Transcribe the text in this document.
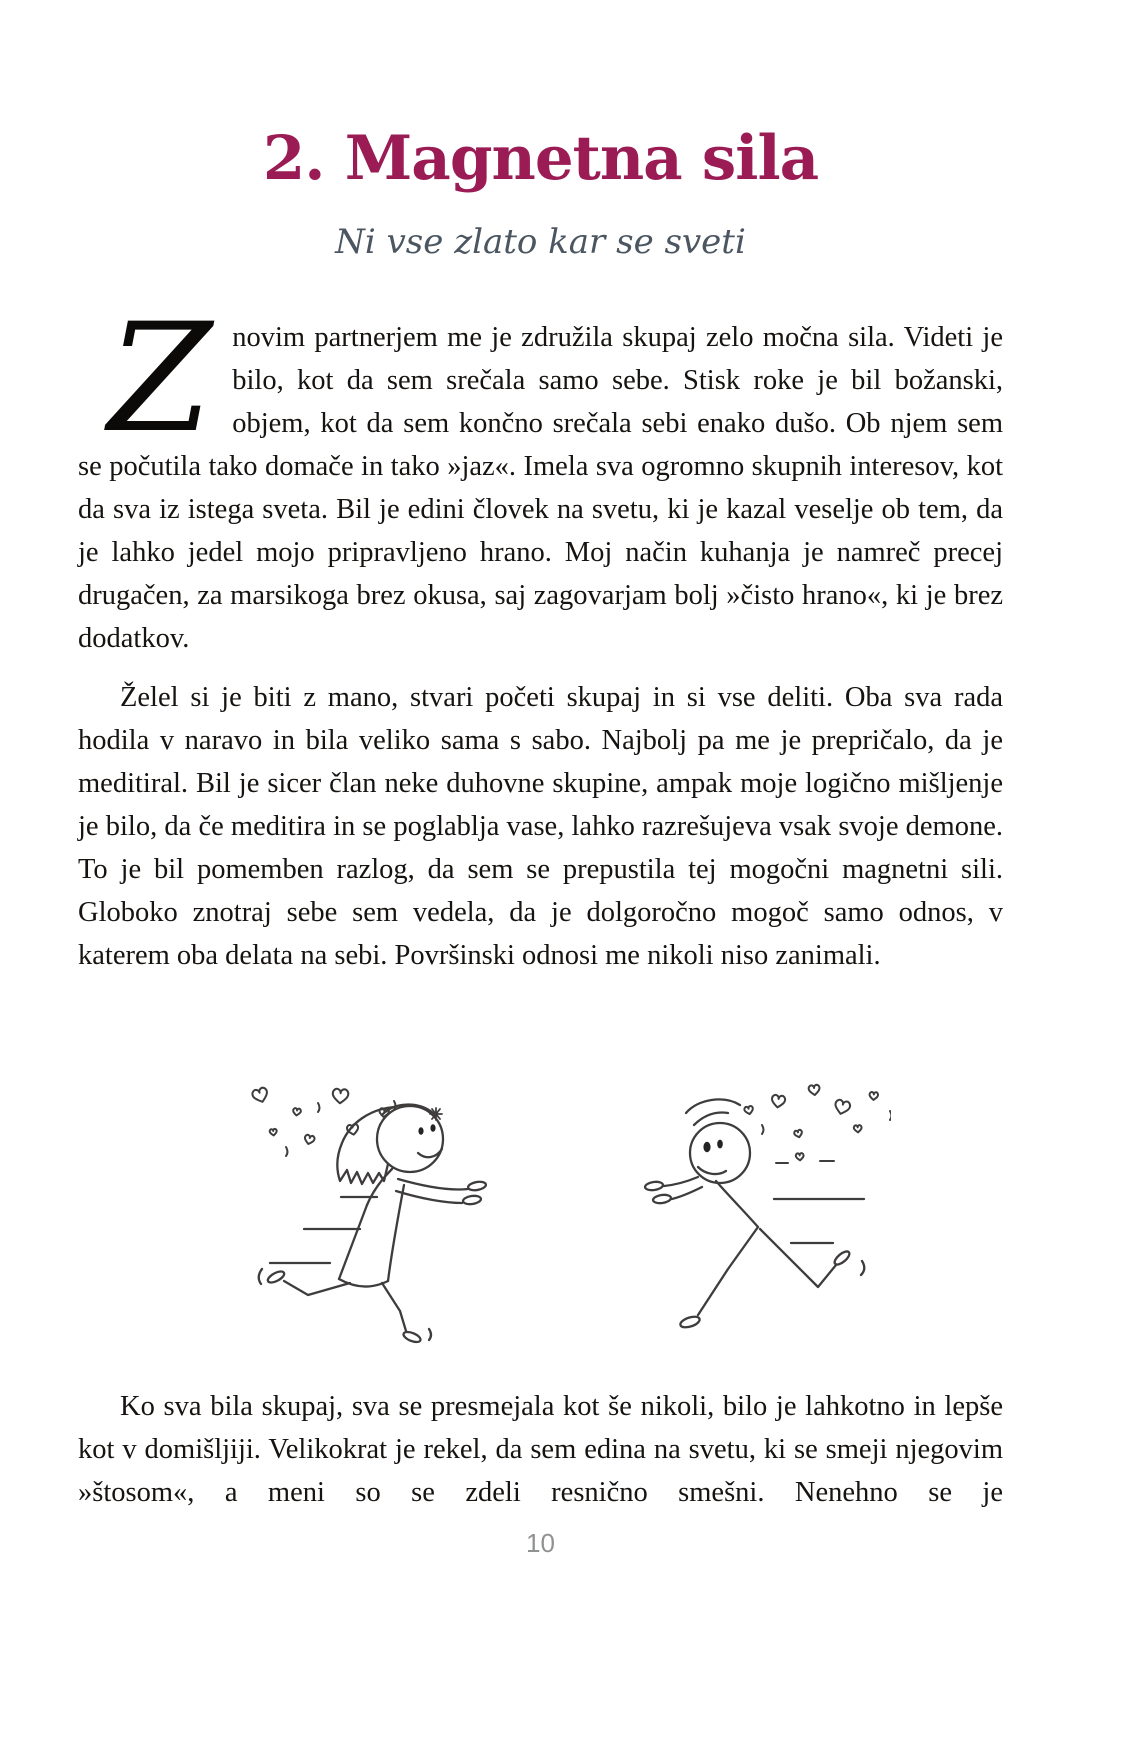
2. Magnetna sila
Ni vse zlato kar se sveti

Znovim partnerjem me je združila skupaj zelo močna sila. Videti je bilo, kot da sem srečala samo sebe. Stisk roke je bil božanski, objem, kot da sem končno srečala sebi enako dušo. Ob njem sem se počutila tako domače in tako »jaz«. Imela sva ogromno skupnih interesov, kot da sva iz istega sveta. Bil je edini človek na svetu, ki je kazal veselje ob tem, da je lahko jedel mojo pripravljeno hrano. Moj način kuhanja je namreč precej drugačen, za marsikoga brez okusa, saj zagovarjam bolj »čisto hrano«, ki je brez dodatkov.

Želel si je biti z mano, stvari početi skupaj in si vse deliti. Oba sva rada hodila v naravo in bila veliko sama s sabo. Najbolj pa me je prepričalo, da je meditiral. Bil je sicer član neke duhovne skupine, ampak moje logično mišljenje je bilo, da če meditira in se poglablja vase, lahko razrešujeva vsak svoje demone. To je bil pomemben razlog, da sem se prepustila tej mogočni magnetni sili. Globoko znotraj sebe sem vedela, da je dolgoročno mogoč samo odnos, v katerem oba delata na sebi. Površinski odnosi me nikoli niso zanimali.

Ko sva bila skupaj, sva se presmejala kot še nikoli, bilo je lahkotno in lepše kot v domišljiji. Velikokrat je rekel, da sem edina na svetu, ki se smeji njegovim »štosom«, a meni so se zdeli resnično smešni. Nenehno se je

10
